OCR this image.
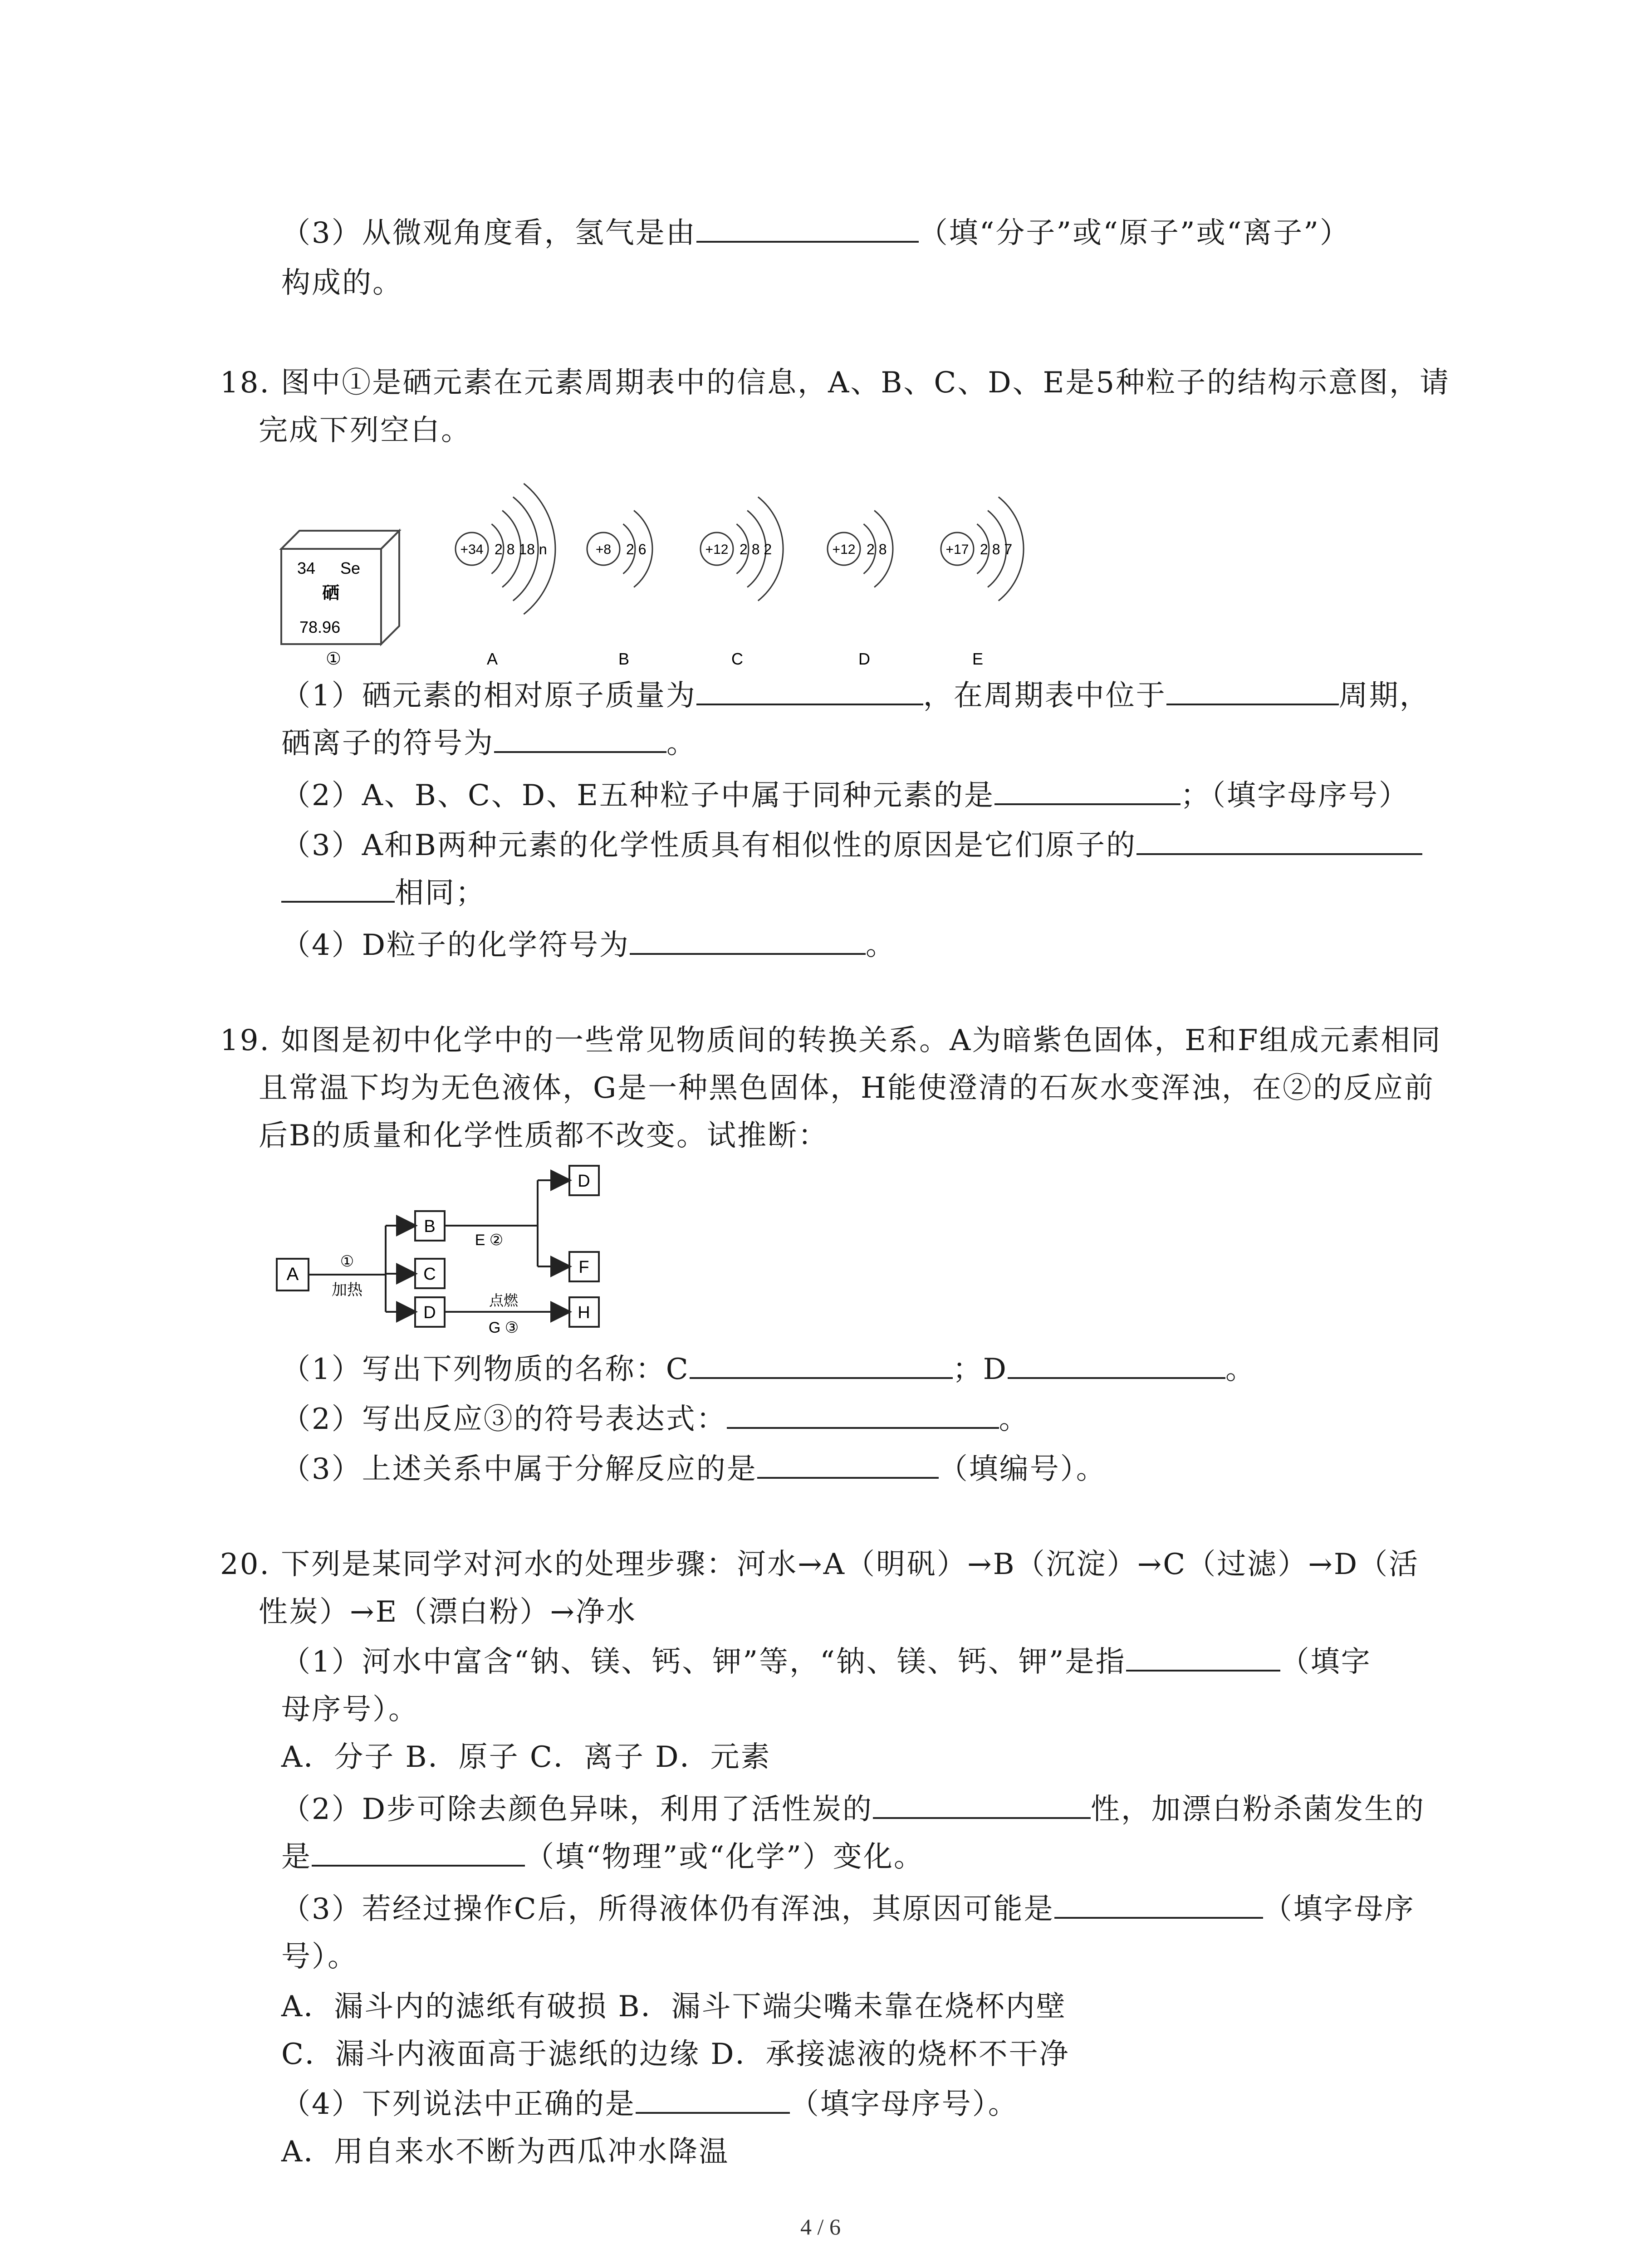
（3）从微观角度看，氢气是由	（填“分子”或“原子”或“离子”）
构成的。
18. 图中①是硒元素在元素周期表中的信息，A、B、C、D、E是5种粒子的结构示意图，请
完成下列空白。
34 Se
硒
78.96
①
+34 2 8 18 n
A
+8 2 6
B
+12 2 8 2
C
+12 2 8
D
+17 2 8 7
E
（1）硒元素的相对原子质量为	，在周期表中位于	周期，
硒离子的符号为	。
（2）A、B、C、D、E五种粒子中属于同种元素的是	；（填字母序号）
（3）A和B两种元素的化学性质具有相似性的原因是它们原子的
相同；
（4）D粒子的化学符号为	。
19. 如图是初中化学中的一些常见物质间的转换关系。A为暗紫色固体，E和F组成元素相同
且常温下均为无色液体，G是一种黑色固体，H能使澄清的石灰水变浑浊，在②的反应前
后B的质量和化学性质都不改变。试推断：
A
B
C
D
D
F
H
①
加热
E ②
点燃
G ③
（1）写出下列物质的名称：C	；D	。
（2）写出反应③的符号表达式：	。
（3）上述关系中属于分解反应的是	（填编号）。
20. 下列是某同学对河水的处理步骤：河水→A（明矾）→B（沉淀）→C（过滤）→D（活
性炭）→E（漂白粉）→净水
（1）河水中富含“钠、镁、钙、钾”等，“钠、镁、钙、钾”是指	（填字
母序号）。
A．分子 B．原子 C．离子 D．元素
（2）D步可除去颜色异味，利用了活性炭的	性，加漂白粉杀菌发生的
是	（填“物理”或“化学”）变化。
（3）若经过操作C后，所得液体仍有浑浊，其原因可能是	（填字母序
号）。
A．漏斗内的滤纸有破损 B．漏斗下端尖嘴未靠在烧杯内壁
C．漏斗内液面高于滤纸的边缘 D．承接滤液的烧杯不干净
（4）下列说法中正确的是	（填字母序号）。
A．用自来水不断为西瓜冲水降温
4 / 6
